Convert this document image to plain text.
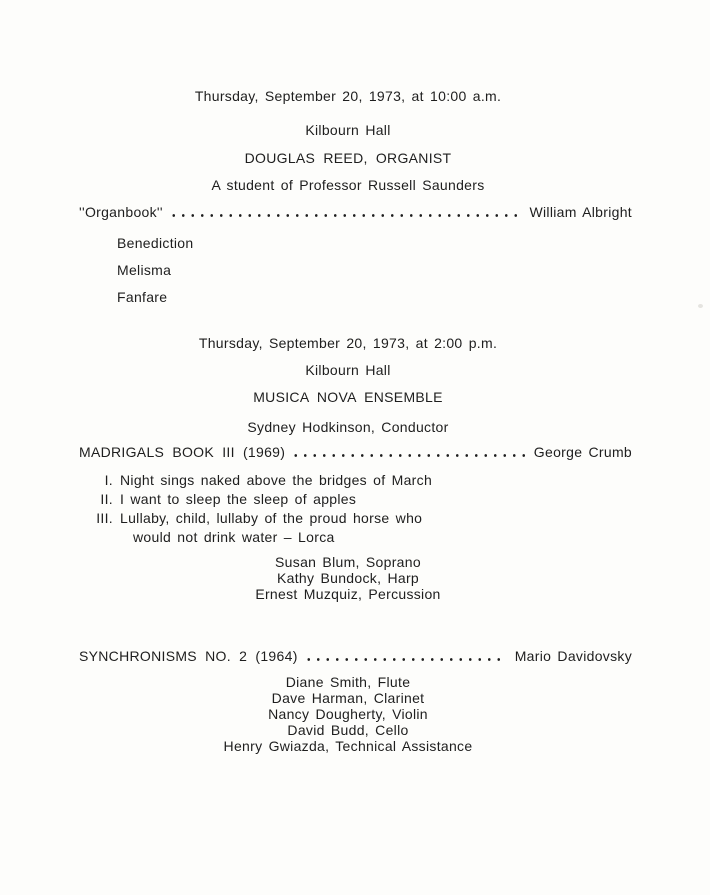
Thursday, September 20, 1973, at 10:00 a.m.
Kilbourn Hall
DOUGLAS REED, ORGANIST
A student of Professor Russell Saunders
''Organbook''	William Albright
Benediction
Melisma
Fanfare
Thursday, September 20, 1973, at 2:00 p.m.
Kilbourn Hall
MUSICA NOVA ENSEMBLE
Sydney Hodkinson, Conductor
MADRIGALS BOOK III (1969)	George Crumb
I. Night sings naked above the bridges of March
II. I want to sleep the sleep of apples
III. Lullaby, child, lullaby of the proud horse who
would not drink water – Lorca
Susan Blum, Soprano
Kathy Bundock, Harp
Ernest Muzquiz, Percussion
SYNCHRONISMS NO. 2 (1964)	Mario Davidovsky
Diane Smith, Flute
Dave Harman, Clarinet
Nancy Dougherty, Violin
David Budd, Cello
Henry Gwiazda, Technical Assistance
